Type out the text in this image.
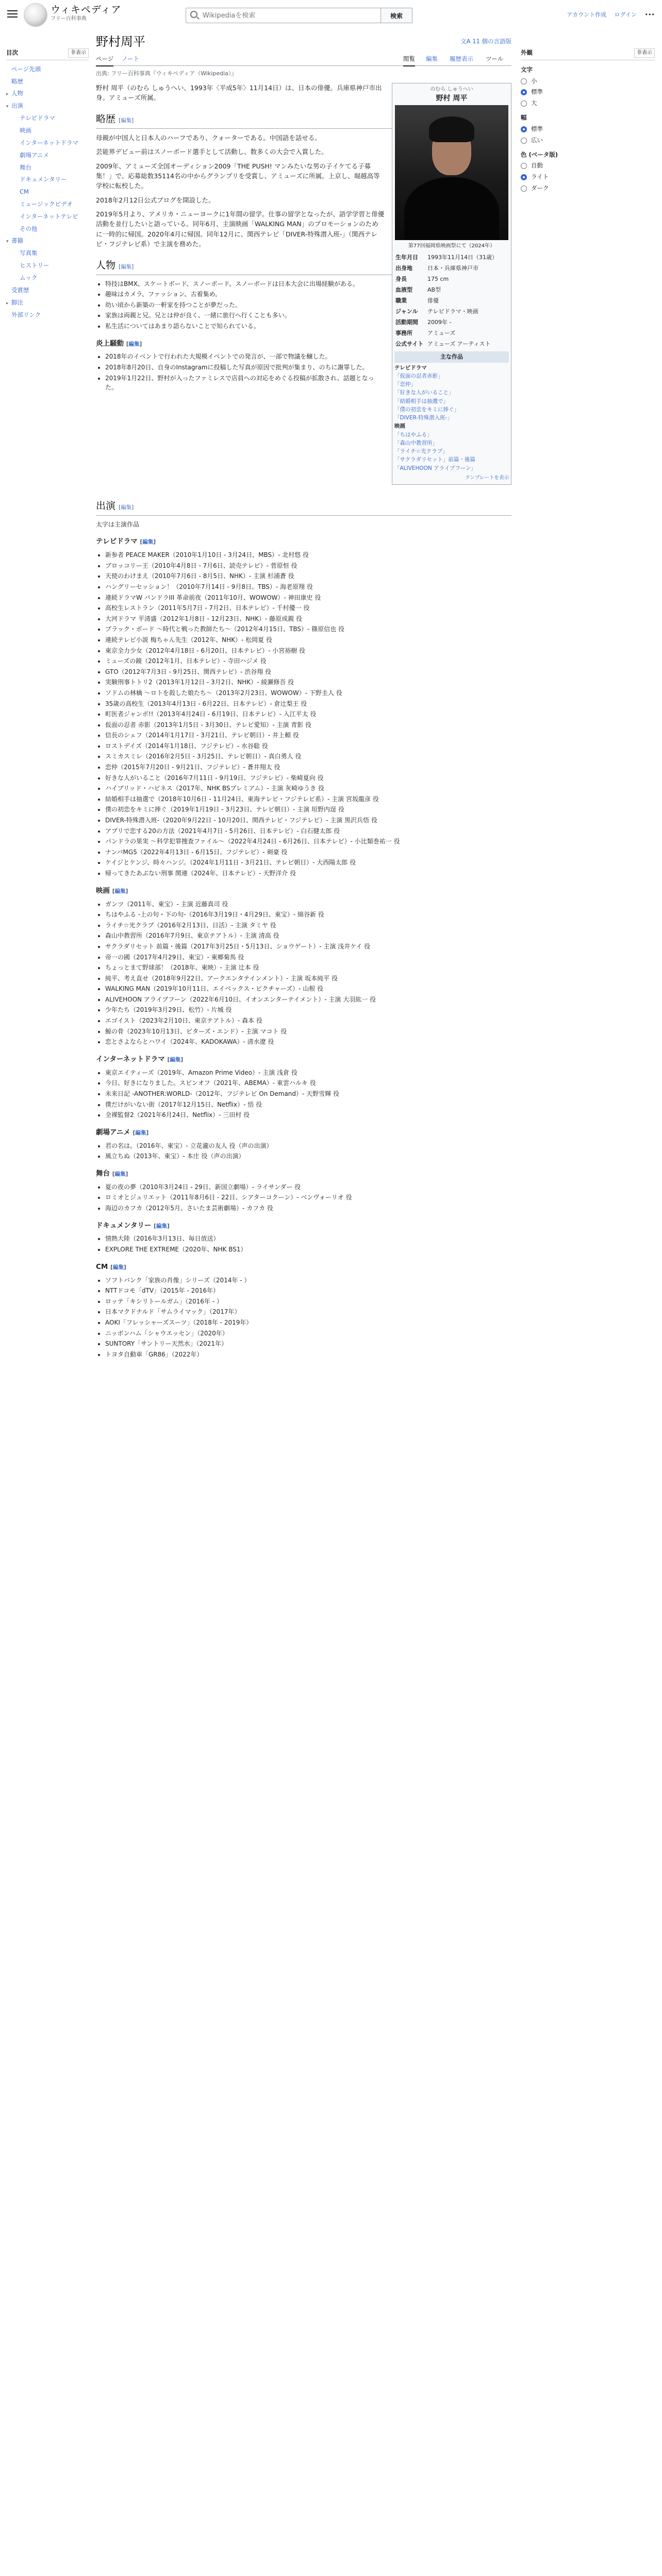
ウィキペディア
フリー百科事典
Wikipediaを検索	検索	アカウント作成 ログイン •••
目次	非表示
ページ先頭
略歴
▸ 人物
▾ 出演
テレビドラマ
映画
インターネットドラマ
劇場アニメ
舞台
ドキュメンタリー
CM
ミュージックビデオ
インターネットテレビ
その他
▾ 書籍
写真集
ヒストリー
ムック
受賞歴
▸ 脚注
外部リンク
野村周平	文A 11 個の言語版
ページ ノート	閲覧 編集 履歴表示 ツール
出典: フリー百科事典『ウィキペディア（Wikipedia）』
のむら しゅうへい
野村 周平
第77回福岡県映画祭にて（2024年）
生年月日	1993年11月14日（31歳）
出身地	日本・兵庫県神戸市
身長	175 cm
血液型	AB型
職業	俳優
ジャンル	テレビドラマ・映画
活動期間	2009年 -
事務所	アミューズ
公式サイト	アミューズ アーティスト
主な作品
テレビドラマ
「仮面の忍者赤影」
「恋仲」
「好きな人がいること」
「結婚相手は抽選で」
「僕の初恋をキミに捧ぐ」
「DIVER-特殊潜入班-」
映画
「ちはやふる」
「森山中教習所」
「ライチ☆光クラブ」
「サクラダリセット」前篇・後篇
「ALIVEHOON アライブフーン」
テンプレートを表示

野村 周平（のむら しゅうへい、1993年〈平成5年〉11月14日）は、日本の俳優。兵庫県神戸市出身。アミューズ所属。

略歴 [編集]

母親が中国人と日本人のハーフであり、クォーターである。中国語を話せる。

芸能界デビュー前はスノーボード選手として活動し、数多くの大会で入賞した。

2009年、アミューズ全国オーディション2009「THE PUSH! マンみたいな男の子イケてる子募集！」で、応募総数35114名の中からグランプリを受賞し、アミューズに所属。上京し、堀越高等学校に転校した。

2018年2月12日公式ブログを開設した。

2019年5月より、アメリカ・ニューヨークに1年間の留学。仕事の留学となったが、語学学習と俳優活動を並行したいと語っている。同年6月、主演映画「WALKING MAN」のプロモーションのために一時的に帰国。2020年4月に帰国。同年12月に、関西テレビ「DIVER-特殊潜入班-」（関西テレビ・フジテレビ系）で主演を務めた。

人物 [編集]
• 特技はBMX、スケートボード、スノーボード。スノーボードは日本大会に出場経験がある。
• 趣味はカメラ、ファッション、古着集め。
• 幼い頃から新築の一軒家を持つことが夢だった。
• 家族は両親と兄。兄とは仲が良く、一緒に旅行へ行くことも多い。
• 私生活についてはあまり語らないことで知られている。
炎上騒動 [編集]
• 2018年のイベントで行われた大規模イベントでの発言が、一部で物議を醸した。
• 2018年8月20日、自身のInstagramに投稿した写真が原因で批判が集まり、のちに謝罪した。
• 2019年1月22日、野村が入ったファミレスで店員への対応をめぐる投稿が拡散され、話題となった。
出演 [編集]
太字は主演作品
テレビドラマ [編集]
• 新参者 PEACE MAKER（2010年1月10日 - 3月24日、MBS）- 北村悠 役
• ブロッコリー王（2010年4月8日 - 7月6日、読売テレビ）- 菅原恒 役
• 天使のわけまえ（2010年7月6日 - 8月5日、NHK）- 主演 杉浦蒼 役
• ハングリーセッション！（2010年7月14日 - 9月8日、TBS）- 海老原翔 役
• 連続ドラマW パンドラIII 革命前夜（2011年10月、WOWOW）- 神田康史 役
• 高校生レストラン（2011年5月7日 - 7月2日、日本テレビ）- 千村優一 役
• 大河ドラマ 平清盛（2012年1月8日 - 12月23日、NHK）- 藤原成親 役
• ブラック・ボード ～時代と戦った教師たち～（2012年4月15日、TBS）- 篠原信也 役
• 連続テレビ小説 梅ちゃん先生（2012年、NHK）- 松岡夏 役
• 東京全力少女（2012年4月18日 - 6月20日、日本テレビ）- 小宮裕樹 役
• ミューズの鏡（2012年1月、日本テレビ）- 寺田ハジメ 役
• GTO（2012年7月3日 - 9月25日、関西テレビ）- 渋谷翔 役
• 実験刑事トトリ2（2013年1月12日 - 3月2日、NHK）- 綾瀬修吾 役
• ソドムの林檎 ～ロトを殺した娘たち～（2013年2月23日、WOWOW）- 下野圭人 役
• 35歳の高校生（2013年4月13日 - 6月22日、日本テレビ）- 倉辻梨王 役
• 町医者ジャンボ!!（2013年4月24日 - 6月19日、日本テレビ）- 入江平太 役
• 仮面の忍者 赤影（2013年1月5日 - 3月30日、テレビ愛知）- 主演 青影 役
• 信長のシェフ（2014年1月17日 - 3月21日、テレビ朝日）- 井上頼 役
• ロストデイズ（2014年1月18日、フジテレビ）- 水谷聡 役
• スミカスミレ（2016年2月5日 - 3月25日、テレビ朝日）- 真白勇人 役
• 恋仲（2015年7月20日 - 9月21日、フジテレビ）- 蒼井翔太 役
• 好きな人がいること（2016年7月11日 - 9月19日、フジテレビ）- 柴崎夏向 役
• ハイブリッド・ハピネス（2017年、NHK BSプレミアム）- 主演 灰崎ゆうき 役
• 結婚相手は抽選で（2018年10月6日 - 11月24日、東海テレビ・フジテレビ系）- 主演 宮坂龍彦 役
• 僕の初恋をキミに捧ぐ（2019年1月19日 - 3月23日、テレビ朝日）- 主演 垣野内逞 役
• DIVER-特殊潜入班-（2020年9月22日 - 10月20日、関西テレビ・フジテレビ）- 主演 黒沢兵悟 役
• アプリで恋する20の方法（2021年4月7日 - 5月26日、日本テレビ）- 白石健太郎 役
• パンドラの果実 ～科学犯罪捜査ファイル～（2022年4月24日 - 6月26日、日本テレビ）- 小比類巻祐一 役
• ナンバMG5（2022年4月13日 - 6月15日、フジテレビ）- 剣豪 役
• ケイジとケンジ、時々ハンジ。（2024年1月11日 - 3月21日、テレビ朝日）- 大西陽太郎 役
• 帰ってきたあぶない刑事 関連（2024年、日本テレビ）- 天野洋介 役
映画 [編集]
• ガンツ（2011年、東宝）- 主演 近藤真司 役
• ちはやふる -上の句・下の句-（2016年3月19日・4月29日、東宝）- 綿谷新 役
• ライチ☆光クラブ（2016年2月13日、日活）- 主演 タミヤ 役
• 森山中教習所（2016年7月9日、東京テアトル）- 主演 清高 役
• サクラダリセット 前篇・後篇（2017年3月25日・5月13日、ショウゲート）- 主演 浅井ケイ 役
• 帝一の國（2017年4月29日、東宝）- 東郷菊馬 役
• ちょっとまて野球部！（2018年、東映）- 主演 辻本 役
• 純平、考え直せ（2018年9月22日、アークエンタテインメント）- 主演 坂本純平 役
• WALKING MAN（2019年10月11日、エイベックス・ピクチャーズ）- 山根 役
• ALIVEHOON アライブフーン（2022年6月10日、イオンエンターテイメント）- 主演 大羽紘一 役
• 少年たち（2019年3月29日、松竹）- 片城 役
• エゴイスト（2023年2月10日、東京テアトル）- 森本 役
• 鯨の骨（2023年10月13日、ビターズ・エンド）- 主演 マコト 役
• 恋とさよならとハワイ（2024年、KADOKAWA）- 清水遼 役
インターネットドラマ [編集]
• 東京エイティーズ（2019年、Amazon Prime Video）- 主演 浅倉 役
• 今日、好きになりました。スピンオフ（2021年、ABEMA）- 東雲ハルキ 役
• 未来日記 -ANOTHER:WORLD-（2012年、フジテレビ On Demand）- 天野雪輝 役
• 僕だけがいない街（2017年12月15日、Netflix）- 悟 役
• 全裸監督2（2021年6月24日、Netflix）- 三田村 役
劇場アニメ [編集]
• 君の名は。（2016年、東宝）- 立花瀧の友人 役（声の出演）
• 風立ちぬ（2013年、東宝）- 本庄 役（声の出演）
舞台 [編集]
• 夏の夜の夢（2010年3月24日 - 29日、新国立劇場）- ライサンダー 役
• ロミオとジュリエット（2011年8月6日 - 22日、シアターコクーン）- ベンヴォーリオ 役
• 海辺のカフカ（2012年5月、さいたま芸術劇場）- カフカ 役
ドキュメンタリー [編集]
• 情熱大陸（2016年3月13日、毎日放送）
• EXPLORE THE EXTREME（2020年、NHK BS1）
CM [編集]
• ソフトバンク「家族の肖像」シリーズ（2014年 - ）
• NTTドコモ「dTV」（2015年 - 2016年）
• ロッテ「キシリトールガム」（2016年 - ）
• 日本マクドナルド「サムライマック」（2017年）
• AOKI「フレッシャーズスーツ」（2018年 - 2019年）
• ニッポンハム「シャウエッセン」（2020年）
• SUNTORY「サントリー天然水」（2021年）
• トヨタ自動車「GR86」（2022年）
外観	非表示
文字
小
標準
大
幅
標準
広い
色 (ベータ版)
自動
ライト
ダーク
